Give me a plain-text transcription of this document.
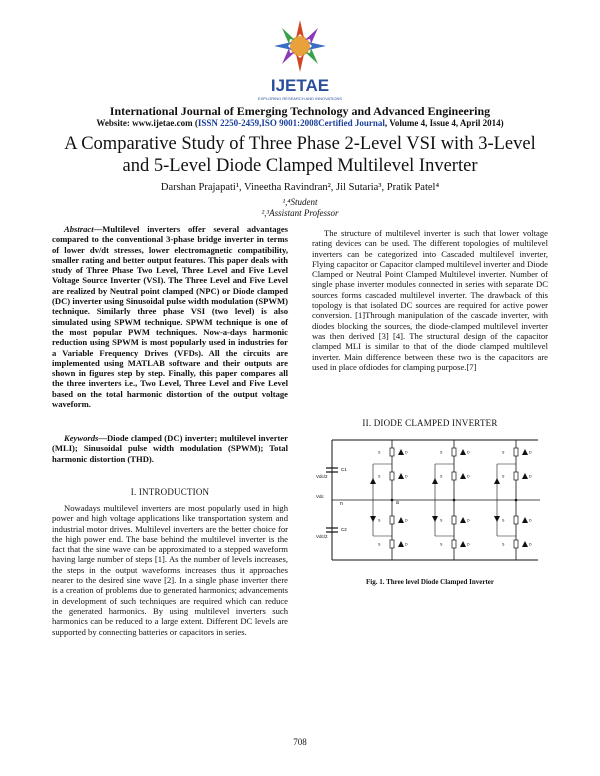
IJETAE
EXPLORING RESEARCH AND INNOVATIONS
International Journal of Emerging Technology and Advanced Engineering
Website: www.ijetae.com (ISSN 2250-2459,ISO 9001:2008Certified Journal, Volume 4, Issue 4, April 2014)
A Comparative Study of Three Phase 2-Level VSI with 3-Level
and 5-Level Diode Clamped Multilevel Inverter
Darshan Prajapati¹, Vineetha Ravindran², Jil Sutaria³, Pratik Patel⁴
¹,⁴Student
²,³Assistant Professor

Abstract—Multilevel inverters offer several advantages compared to the conventional 3-phase bridge inverter in terms of lower dv/dt stresses, lower electromagnetic compatibility, smaller rating and better output features. This paper deals with study of Three Phase Two Level, Three Level and Five Level Voltage Source Inverter (VSI). The Three Level and Five Level are realized by Neutral point clamped (NPC) or Diode clamped (DC) inverter using Sinusoidal pulse width modulation (SPWM) technique. Similarly three phase VSI (two level) is also simulated using SPWM technique. SPWM technique is one of the most popular PWM techniques. Now-a-days harmonic reduction using SPWM is most popularly used in industries for a Variable Frequency Drives (VFDs). All the circuits are implemented using MATLAB software and their outputs are shown in figures step by step. Finally, this paper compares all the three inverters i.e., Two Level, Three Level and Five Level based on the total harmonic distortion of the output voltage waveform.

Keywords—Diode clamped (DC) inverter; multilevel inverter (MLI); Sinusoidal pulse width modulation (SPWM); Total harmonic distortion (THD).

I. INTRODUCTION

Nowadays multilevel inverters are most popularly used in high power and high voltage applications like transportation system and industrial motor drives. Multilevel inverters are the better choice for the high power end. The base behind the multilevel inverter is the fact that the sine wave can be approximated to a stepped waveform having large number of steps [1]. As the number of levels increases, the steps in the output waveforms increases thus it approaches nearer to the desired sine wave [2]. In a single phase inverter there is a creation of problems due to generated harmonics; advancements in development of such techniques are required which can reduce the generated harmonics. By using multilevel inverters such harmonics can be reduced to a large extent. Different DC levels are supported by connecting batteries or capacitors in series.

The structure of multilevel inverter is such that lower voltage rating devices can be used. The different topologies of multilevel inverters can be categorized into Cascaded multilevel inverter, Flying capacitor or Capacitor clamped multilevel inverter and Diode Clamped or Neutral Point Clamped Multilevel inverter. Number of single phase inverter modules connected in series with separate DC sources forms cascaded multilevel inverter. The drawback of this topology is that isolated DC sources are required for active power conversion. [1]Through manipulation of the cascade inverter, with diodes blocking the sources, the diode-clamped multilevel inverter was then derived [3] [4]. The structural design of the capacitor clamped MLI is similar to that of the diode clamped multilevel inverter. Main difference between these two is the capacitors are used in place ofdiodes for clamping purpose.[7]

II. DIODE CLAMPED INVERTER
C1
C2
Vdc/2
Vdc
Vdc/2
n	a
S	D
S	D
S	D
S	D
S	D
S	D
S	D
S	D
S	D
S	D
S	D
S	D
Fig. 1. Three level Diode Clamped Inverter
708
